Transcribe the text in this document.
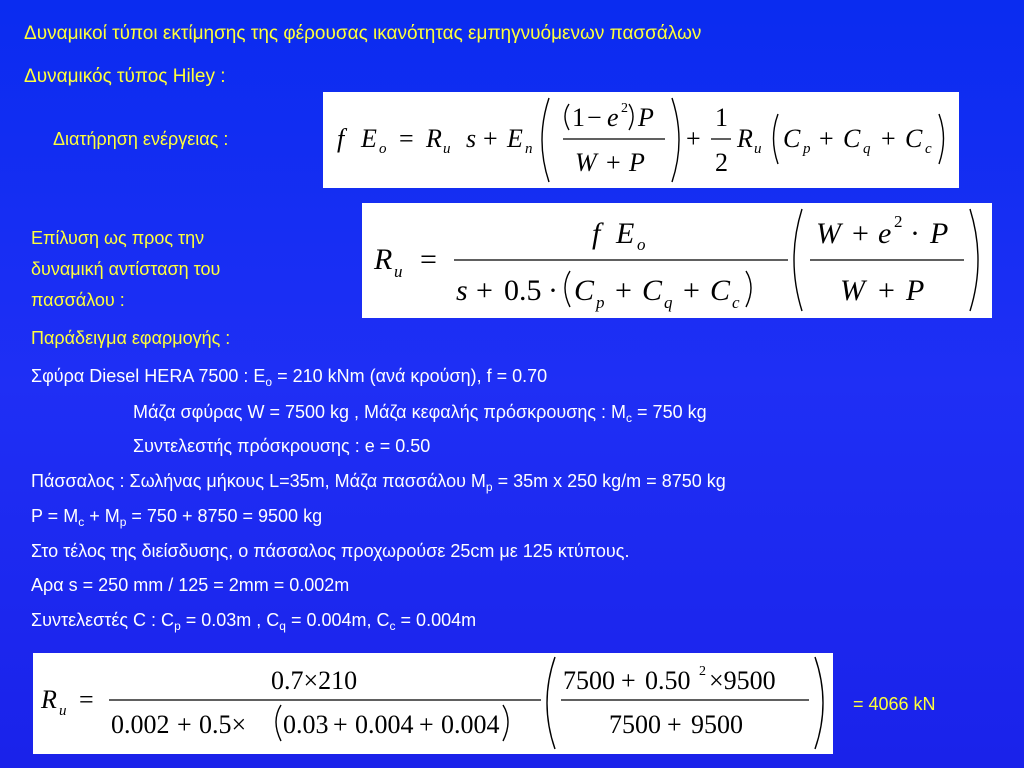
Δυναμικοί τύποι εκτίμησης της φέρουσας ικανότητας εμπηγνυόμενων πασσάλων
Δυναμικός τύπος Hiley :
Διατήρηση ενέργειας :	f E o = R u s + E n
1 − e 2 P
W + P
+
1
2
R u C p + C q + C c
Επίλυση ως προς την
δυναμική αντίσταση του
πασσάλου :
R u =
f E o
s + 0.5 · C p + C q + C c
W + e 2 · P
W + P
Παράδειγμα εφαρμογής :
Σφύρα Diesel HERA 7500 : $E_o = 210$ kNm (ανά κρούση), f = 0.70
Μάζα σφύρας W = 7500 kg , Μάζα κεφαλής πρόσκρουσης : $M_c = 750$ kg
Συντελεστής πρόσκρουσης : e = 0.50
Πάσσαλος : Σωλήνας μήκους L=35m, Μάζα πασσάλου $M_p = 35m$ x 250 kg/m = 8750 kg
$P = M_c + M_p = 750 + 8750 = 9500$ kg
Στο τέλος της διείσδυσης, ο πάσσαλος προχωρούσε 25cm με 125 κτύπους.
Αρα s = 250 mm / 125 = 2mm = 0.002m
Συντελεστές C : $C_p = 0.03m$ , $C_q = 0.004m$, $C_c = 0.004m$
R u =
0.7×210
0.002 + 0.5× 0.03 + 0.004 + 0.004
7500 + 0.50 2 ×9500
7500 + 9500
= 4066 kN
